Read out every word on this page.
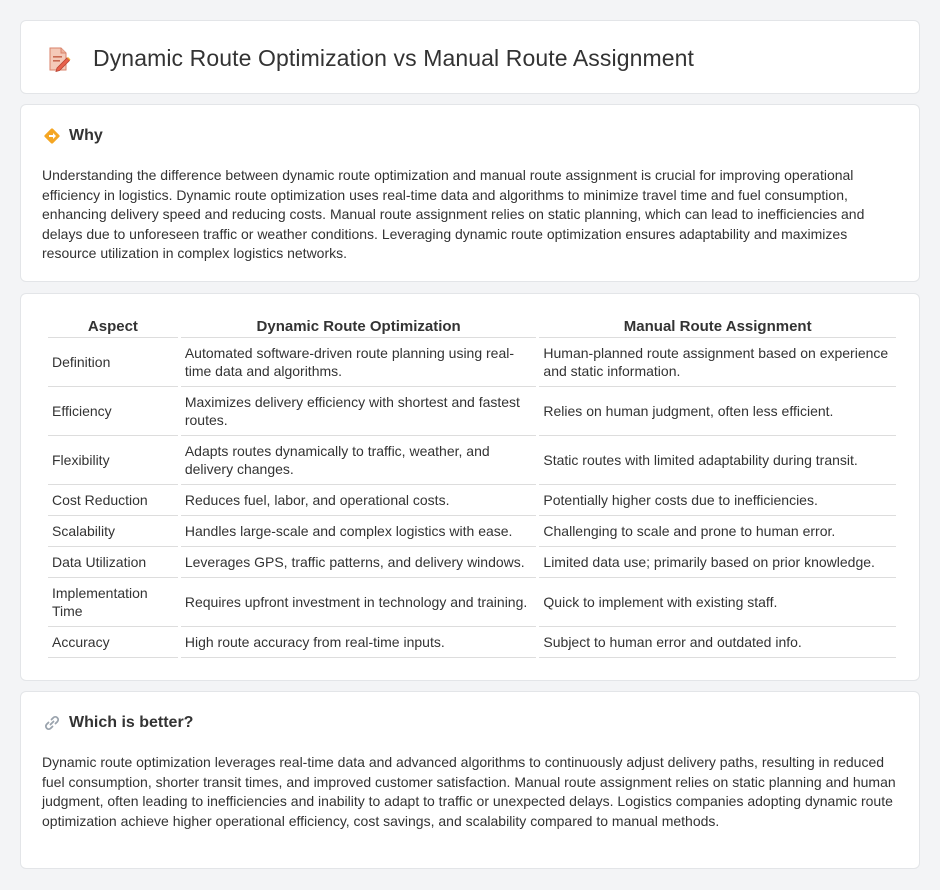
Dynamic Route Optimization vs Manual Route Assignment
Why

Understanding the difference between dynamic route optimization and manual route assignment is crucial for improving operational efficiency in logistics. Dynamic route optimization uses real-time data and algorithms to minimize travel time and fuel consumption, enhancing delivery speed and reducing costs. Manual route assignment relies on static planning, which can lead to inefficiencies and delays due to unforeseen traffic or weather conditions. Leveraging dynamic route optimization ensures adaptability and maximizes resource utilization in complex logistics networks.

Aspect	Dynamic Route Optimization	Manual Route Assignment
Definition	Automated software-driven route planning using real-time data and algorithms.	Human-planned route assignment based on experience and static information.
Efficiency	Maximizes delivery efficiency with shortest and fastest routes.	Relies on human judgment, often less efficient.
Flexibility	Adapts routes dynamically to traffic, weather, and delivery changes.	Static routes with limited adaptability during transit.
Cost Reduction	Reduces fuel, labor, and operational costs.	Potentially higher costs due to inefficiencies.
Scalability	Handles large-scale and complex logistics with ease.	Challenging to scale and prone to human error.
Data Utilization	Leverages GPS, traffic patterns, and delivery windows.	Limited data use; primarily based on prior knowledge.
Implementation Time	Requires upfront investment in technology and training.	Quick to implement with existing staff.
Accuracy	High route accuracy from real-time inputs.	Subject to human error and outdated info.
Which is better?

Dynamic route optimization leverages real-time data and advanced algorithms to continuously adjust delivery paths, resulting in reduced fuel consumption, shorter transit times, and improved customer satisfaction. Manual route assignment relies on static planning and human judgment, often leading to inefficiencies and inability to adapt to traffic or unexpected delays. Logistics companies adopting dynamic route optimization achieve higher operational efficiency, cost savings, and scalability compared to manual methods.
